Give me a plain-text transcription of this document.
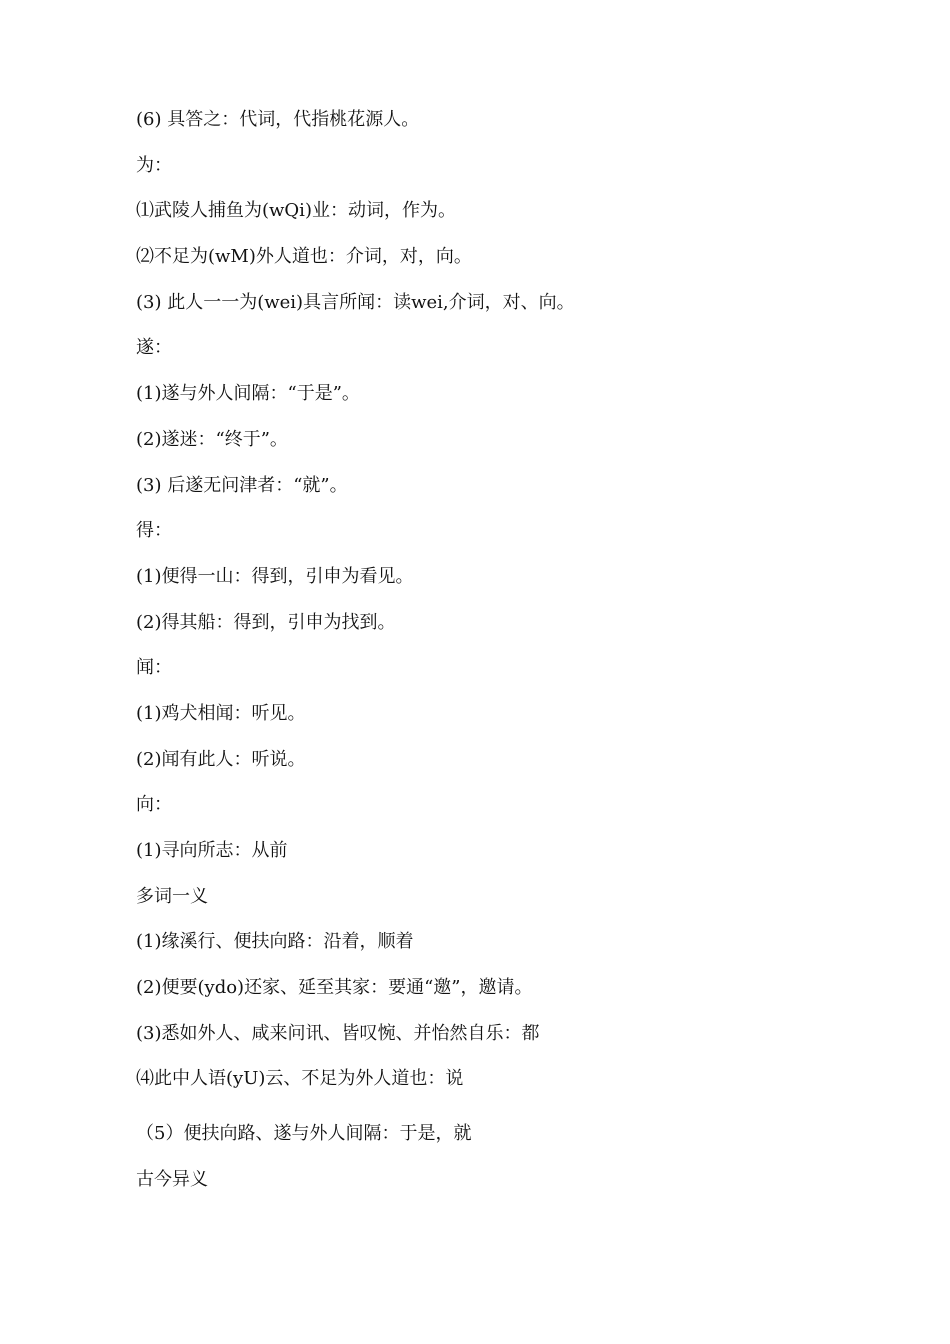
(6) 具答之：代词，代指桃花源人。
为：
⑴武陵人捕鱼为(wQi)业：动词，作为。
⑵不足为(wM)外人道也：介词，对，向。
(3) 此人一一为(wei)具言所闻：读wei,介词，对、向。
遂：
(1)遂与外人间隔：“于是”。
(2)遂迷：“终于”。
(3) 后遂无问津者：“就”。
得：
(1)便得一山：得到，引申为看见。
(2)得其船：得到，引申为找到。
闻：
(1)鸡犬相闻：听见。
(2)闻有此人：听说。
向：
(1)寻向所志：从前
多词一义
(1)缘溪行、便扶向路：沿着，顺着
(2)便要(ydo)还家、延至其家：要通“邀”，邀请。
(3)悉如外人、咸来问讯、皆叹惋、并怡然自乐：都
⑷此中人语(yU)云、不足为外人道也：说
（5）便扶向路、遂与外人间隔：于是，就
古今异义
